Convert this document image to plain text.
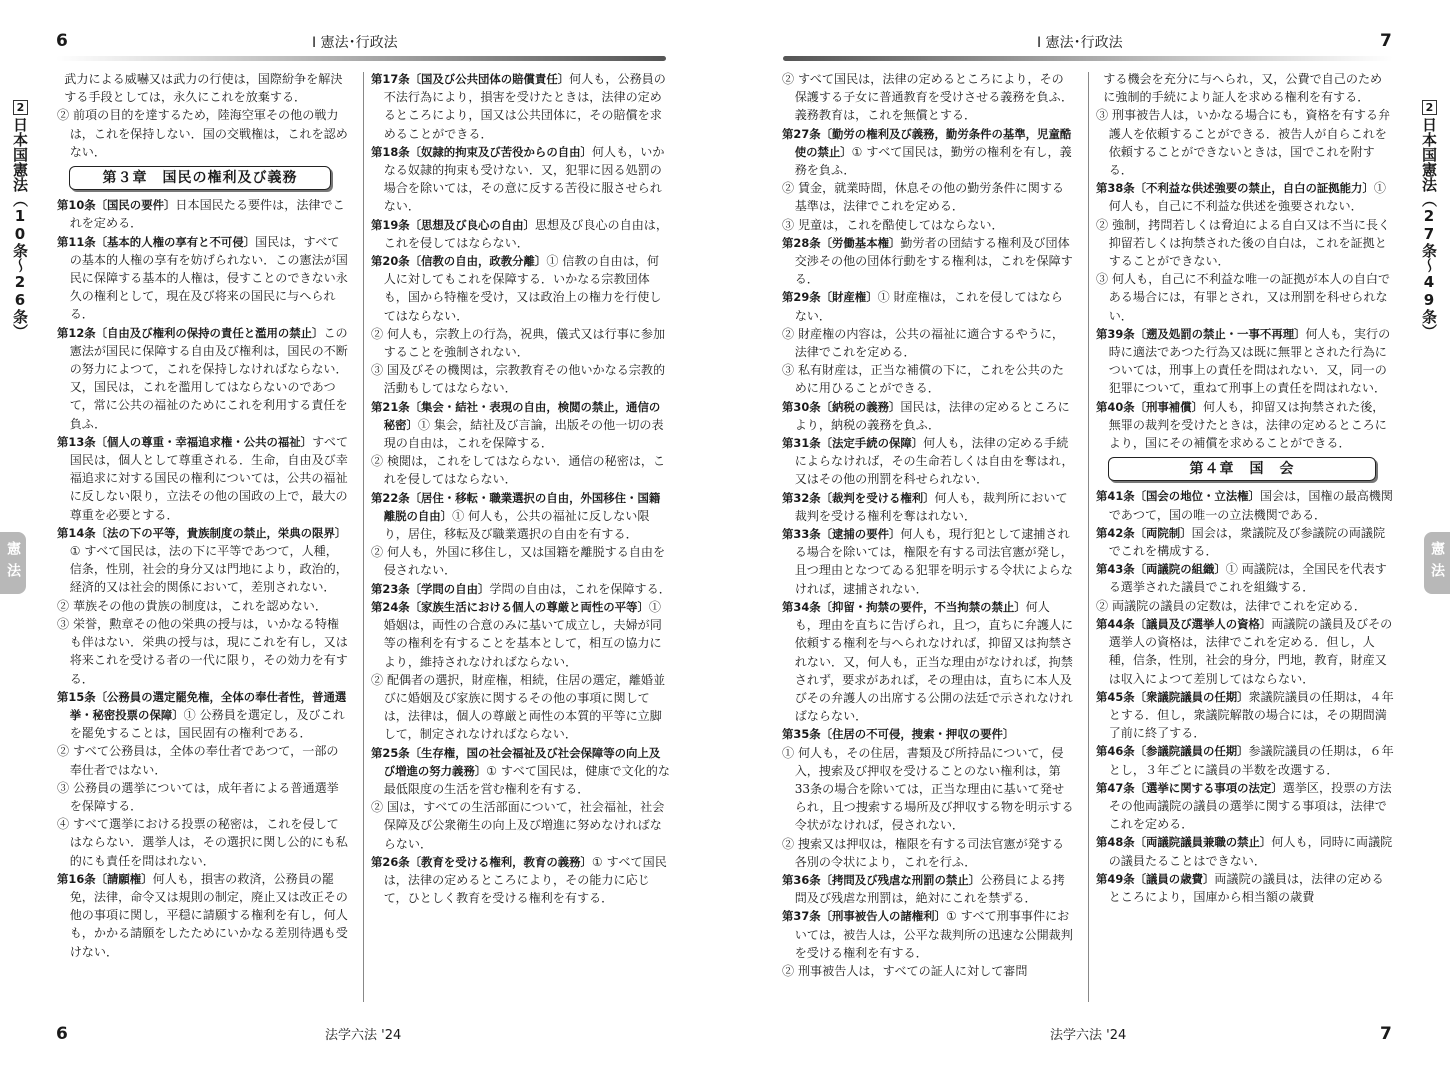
6	Ⅰ 憲法･行政法
2日本国憲法（10条〜26条）
憲法

武力による威嚇又は武力の行使は，国際紛争を解決する手段としては，永久にこれを放棄する．

② 前項の目的を達するため，陸海空軍その他の戦力は，これを保持しない．国の交戦権は，これを認めない．

第３章　国民の権利及び義務

第10条〔国民の要件〕日本国民たる要件は，法律でこれを定める．

第11条〔基本的人権の享有と不可侵〕国民は，すべての基本的人権の享有を妨げられない．この憲法が国民に保障する基本的人権は，侵すことのできない永久の権利として，現在及び将来の国民に与へられる．

第12条〔自由及び権利の保持の責任と濫用の禁止〕この憲法が国民に保障する自由及び権利は，国民の不断の努力によつて，これを保持しなければならない．又，国民は，これを濫用してはならないのであつて，常に公共の福祉のためにこれを利用する責任を負ふ．

第13条〔個人の尊重・幸福追求権・公共の福祉〕すべて国民は，個人として尊重される．生命，自由及び幸福追求に対する国民の権利については，公共の福祉に反しない限り，立法その他の国政の上で，最大の尊重を必要とする．

第14条〔法の下の平等，貴族制度の禁止，栄典の限界〕① すべて国民は，法の下に平等であつて，人種，信条，性別，社会的身分又は門地により，政治的，経済的又は社会的関係において，差別されない．

② 華族その他の貴族の制度は，これを認めない．

③ 栄誉，勲章その他の栄典の授与は，いかなる特権も伴はない．栄典の授与は，現にこれを有し，又は将来これを受ける者の一代に限り，その効力を有する．

第15条〔公務員の選定罷免権，全体の奉仕者性，普通選挙・秘密投票の保障〕① 公務員を選定し，及びこれを罷免することは，国民固有の権利である．

② すべて公務員は，全体の奉仕者であつて，一部の奉仕者ではない．

③ 公務員の選挙については，成年者による普通選挙を保障する．

④ すべて選挙における投票の秘密は，これを侵してはならない．選挙人は，その選択に関し公的にも私的にも責任を問はれない．

第16条〔請願権〕何人も，損害の救済，公務員の罷免，法律，命令又は規則の制定，廃止又は改正その他の事項に関し，平穏に請願する権利を有し，何人も，かかる請願をしたためにいかなる差別待遇も受けない．

第17条〔国及び公共団体の賠償責任〕何人も，公務員の不法行為により，損害を受けたときは，法律の定めるところにより，国又は公共団体に，その賠償を求めることができる．

第18条〔奴隷的拘束及び苦役からの自由〕何人も，いかなる奴隷的拘束も受けない．又，犯罪に因る処罰の場合を除いては，その意に反する苦役に服させられない．

第19条〔思想及び良心の自由〕思想及び良心の自由は，これを侵してはならない．

第20条〔信教の自由，政教分離〕① 信教の自由は，何人に対してもこれを保障する．いかなる宗教団体も，国から特権を受け，又は政治上の権力を行使してはならない．

② 何人も，宗教上の行為，祝典，儀式又は行事に参加することを強制されない．

③ 国及びその機関は，宗教教育その他いかなる宗教的活動もしてはならない．

第21条〔集会・結社・表現の自由，検閲の禁止，通信の秘密〕① 集会，結社及び言論，出版その他一切の表現の自由は，これを保障する．

② 検閲は，これをしてはならない．通信の秘密は，これを侵してはならない．

第22条〔居住・移転・職業選択の自由，外国移住・国籍離脱の自由〕① 何人も，公共の福祉に反しない限り，居住，移転及び職業選択の自由を有する．

② 何人も，外国に移住し，又は国籍を離脱する自由を侵されない．

第23条〔学問の自由〕学問の自由は，これを保障する．

第24条〔家族生活における個人の尊厳と両性の平等〕① 婚姻は，両性の合意のみに基いて成立し，夫婦が同等の権利を有することを基本として，相互の協力により，維持されなければならない．

② 配偶者の選択，財産権，相続，住居の選定，離婚並びに婚姻及び家族に関するその他の事項に関しては，法律は，個人の尊厳と両性の本質的平等に立脚して，制定されなければならない．

第25条〔生存権，国の社会福祉及び社会保障等の向上及び増進の努力義務〕① すべて国民は，健康で文化的な最低限度の生活を営む権利を有する．

② 国は，すべての生活部面について，社会福祉，社会保障及び公衆衛生の向上及び増進に努めなければならない．

第26条〔教育を受ける権利，教育の義務〕① すべて国民は，法律の定めるところにより，その能力に応じて，ひとしく教育を受ける権利を有する．

6	法学六法 '24
7
Ⅰ 憲法･行政法

② すべて国民は，法律の定めるところにより，その保護する子女に普通教育を受けさせる義務を負ふ．義務教育は，これを無償とする．

第27条〔勤労の権利及び義務，勤労条件の基準，児童酷使の禁止〕① すべて国民は，勤労の権利を有し，義務を負ふ．

② 賃金，就業時間，休息その他の勤労条件に関する基準は，法律でこれを定める．

③ 児童は，これを酷使してはならない．

第28条〔労働基本権〕勤労者の団結する権利及び団体交渉その他の団体行動をする権利は，これを保障する．

第29条〔財産権〕① 財産権は，これを侵してはならない．

② 財産権の内容は，公共の福祉に適合するやうに，法律でこれを定める．

③ 私有財産は，正当な補償の下に，これを公共のために用ひることができる．

第30条〔納税の義務〕国民は，法律の定めるところにより，納税の義務を負ふ．

第31条〔法定手続の保障〕何人も，法律の定める手続によらなければ，その生命若しくは自由を奪はれ，又はその他の刑罰を科せられない．

第32条〔裁判を受ける権利〕何人も，裁判所において裁判を受ける権利を奪はれない．

第33条〔逮捕の要件〕何人も，現行犯として逮捕される場合を除いては，権限を有する司法官憲が発し，且つ理由となつてゐる犯罪を明示する令状によらなければ，逮捕されない．

第34条〔抑留・拘禁の要件，不当拘禁の禁止〕何人も，理由を直ちに告げられ，且つ，直ちに弁護人に依頼する権利を与へられなければ，抑留又は拘禁されない．又，何人も，正当な理由がなければ，拘禁されず，要求があれば，その理由は，直ちに本人及びその弁護人の出席する公開の法廷で示されなければならない．

第35条〔住居の不可侵，捜索・押収の要件〕

① 何人も，その住居，書類及び所持品について，侵入，捜索及び押収を受けることのない権利は，第33条の場合を除いては，正当な理由に基いて発せられ，且つ捜索する場所及び押収する物を明示する令状がなければ，侵されない．

② 捜索又は押収は，権限を有する司法官憲が発する各別の令状により，これを行ふ．

第36条〔拷問及び残虐な刑罰の禁止〕公務員による拷問及び残虐な刑罰は，絶対にこれを禁ずる．

第37条〔刑事被告人の諸権利〕① すべて刑事事件においては，被告人は，公平な裁判所の迅速な公開裁判を受ける権利を有する．

② 刑事被告人は，すべての証人に対して審問

する機会を充分に与へられ，又，公費で自己のために強制的手続により証人を求める権利を有する．

③ 刑事被告人は，いかなる場合にも，資格を有する弁護人を依頼することができる．被告人が自らこれを依頼することができないときは，国でこれを附する．

第38条〔不利益な供述強要の禁止，自白の証拠能力〕① 何人も，自己に不利益な供述を強要されない．

② 強制，拷問若しくは脅迫による自白又は不当に長く抑留若しくは拘禁された後の自白は，これを証拠とすることができない．

③ 何人も，自己に不利益な唯一の証拠が本人の自白である場合には，有罪とされ，又は刑罰を科せられない．

第39条〔遡及処罰の禁止・一事不再理〕何人も，実行の時に適法であつた行為又は既に無罪とされた行為については，刑事上の責任を問はれない．又，同一の犯罪について，重ねて刑事上の責任を問はれない．

第40条〔刑事補償〕何人も，抑留又は拘禁された後，無罪の裁判を受けたときは，法律の定めるところにより，国にその補償を求めることができる．

第４章　国　会

第41条〔国会の地位・立法権〕国会は，国権の最高機関であつて，国の唯一の立法機関である．

第42条〔両院制〕国会は，衆議院及び参議院の両議院でこれを構成する．

第43条〔両議院の組織〕① 両議院は，全国民を代表する選挙された議員でこれを組織する．

② 両議院の議員の定数は，法律でこれを定める．

第44条〔議員及び選挙人の資格〕両議院の議員及びその選挙人の資格は，法律でこれを定める．但し，人種，信条，性別，社会的身分，門地，教育，財産又は収入によつて差別してはならない．

第45条〔衆議院議員の任期〕衆議院議員の任期は，４年とする．但し，衆議院解散の場合には，その期間満了前に終了する．

第46条〔参議院議員の任期〕参議院議員の任期は，６年とし，３年ごとに議員の半数を改選する．

第47条〔選挙に関する事項の法定〕選挙区，投票の方法その他両議院の議員の選挙に関する事項は，法律でこれを定める．

第48条〔両議院議員兼職の禁止〕何人も，同時に両議院の議員たることはできない．

第49条〔議員の歳費〕両議院の議員は，法律の定めるところにより，国庫から相当額の歳費

2日本国憲法（27条〜49条）
憲法
7
法学六法 '24
